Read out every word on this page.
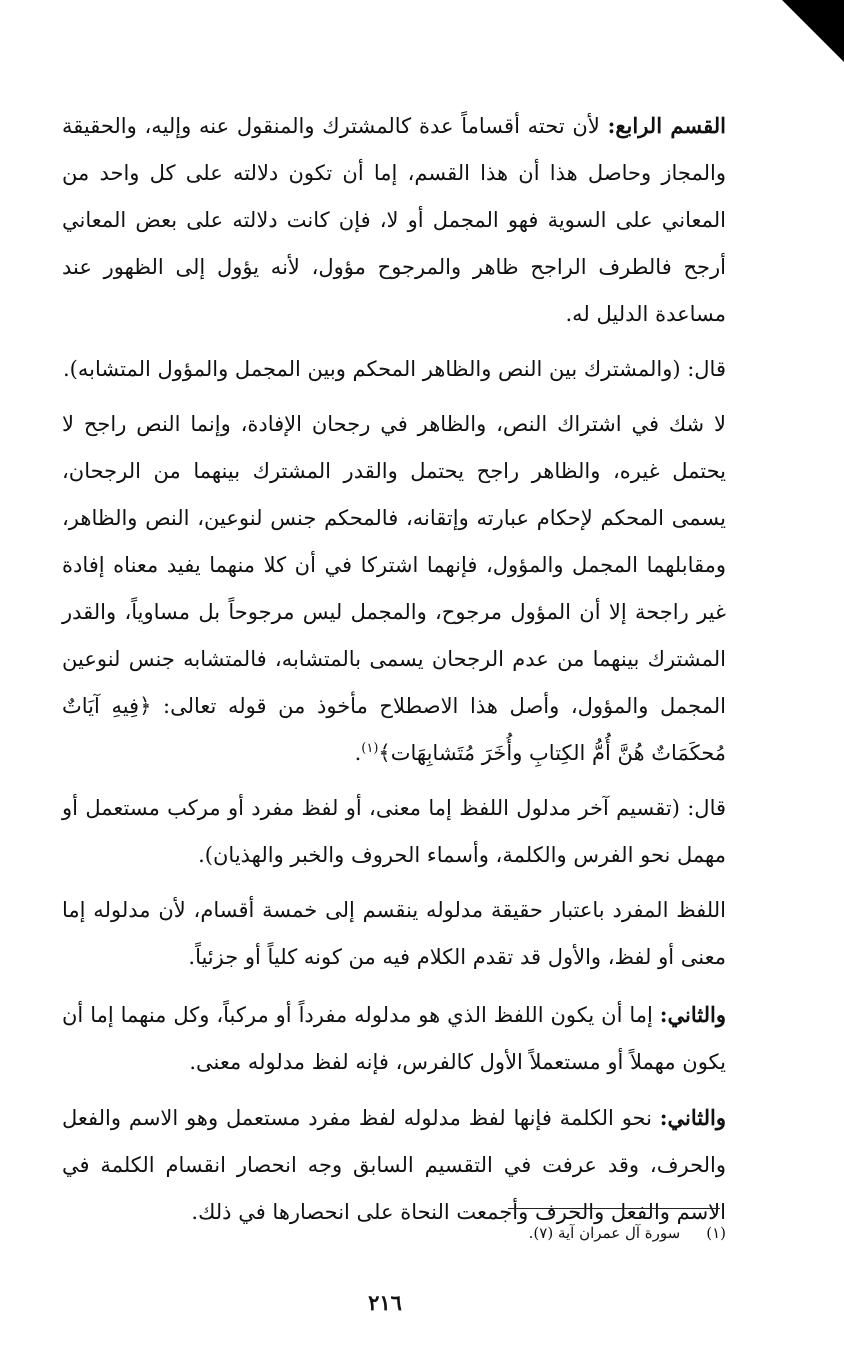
القسم الرابع: لأن تحته أقساماً عدة كالمشترك والمنقول عنه وإليه، والحقيقة والمجاز وحاصل هذا أن هذا القسم، إما أن تكون دلالته على كل واحد من المعاني على السوية فهو المجمل أو لا، فإن كانت دلالته على بعض المعاني أرجح فالطرف الراجح ظاهر والمرجوح مؤول، لأنه يؤول إلى الظهور عند مساعدة الدليل له.

قال: (والمشترك بين النص والظاهر المحكم وبين المجمل والمؤول المتشابه).

لا شك في اشتراك النص، والظاهر في رجحان الإفادة، وإنما النص راجح لا يحتمل غيره، والظاهر راجح يحتمل والقدر المشترك بينهما من الرجحان، يسمى المحكم لإحكام عبارته وإتقانه، فالمحكم جنس لنوعين، النص والظاهر، ومقابلهما المجمل والمؤول، فإنهما اشتركا في أن كلا منهما يفيد معناه إفادة غير راجحة إلا أن المؤول مرجوح، والمجمل ليس مرجوحاً بل مساوياً، والقدر المشترك بينهما من عدم الرجحان يسمى بالمتشابه، فالمتشابه جنس لنوعين المجمل والمؤول، وأصل هذا الاصطلاح مأخوذ من قوله تعالى: ﴿فِيهِ آيَاتٌ مُحكَمَاتٌ هُنَّ أُمُّ الكِتابِ وأُخَرَ مُتَشابِهَات﴾$^{(١)}$.

قال: (تقسيم آخر مدلول اللفظ إما معنى، أو لفظ مفرد أو مركب مستعمل أو مهمل نحو الفرس والكلمة، وأسماء الحروف والخبر والهذيان).

اللفظ المفرد باعتبار حقيقة مدلوله ينقسم إلى خمسة أقسام، لأن مدلوله إما معنى أو لفظ، والأول قد تقدم الكلام فيه من كونه كلياً أو جزئياً.

والثاني: إما أن يكون اللفظ الذي هو مدلوله مفرداً أو مركباً، وكل منهما إما أن يكون مهملاً أو مستعملاً الأول كالفرس، فإنه لفظ مدلوله معنى.

والثاني: نحو الكلمة فإنها لفظ مدلوله لفظ مفرد مستعمل وهو الاسم والفعل والحرف، وقد عرفت في التقسيم السابق وجه انحصار انقسام الكلمة في الاسم والفعل والحرف وأجمعت النحاة على انحصارها في ذلك.

(١)سورة آل عمران آية (٧).
٢١٦
